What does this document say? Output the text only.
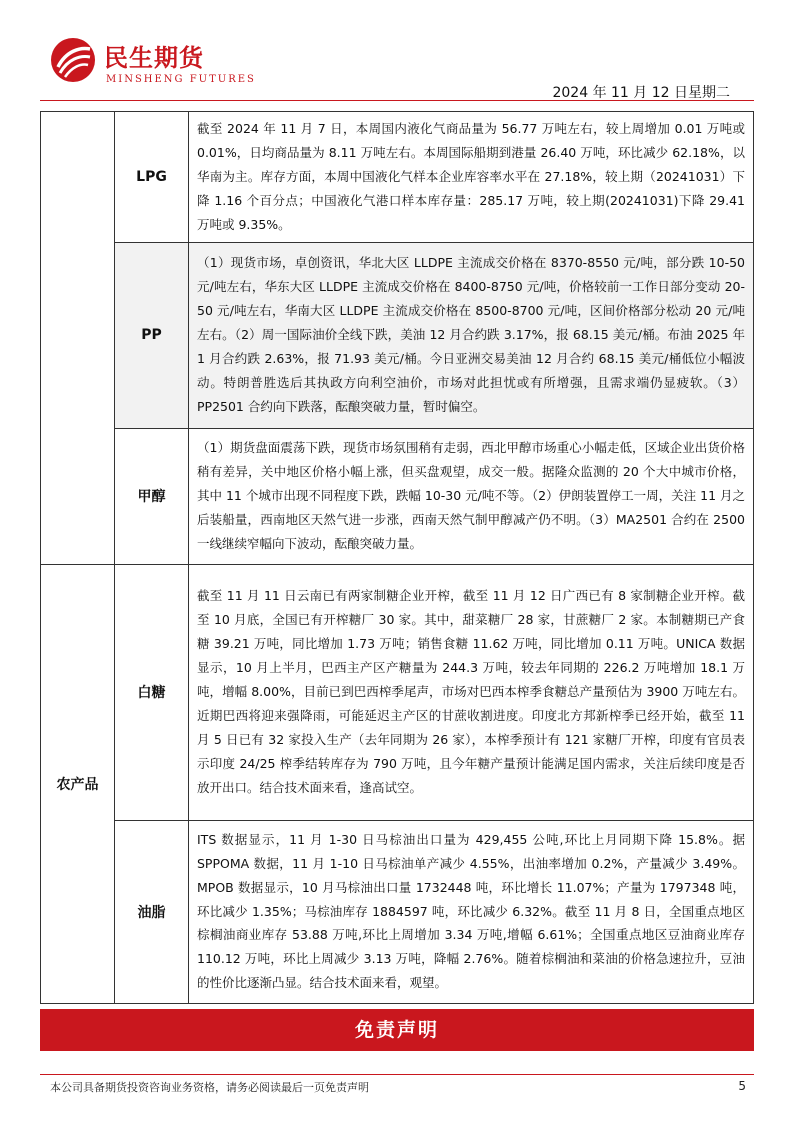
民生期货
MINSHENG FUTURES
2024 年 11 月 12 日星期二
	LPG	截至 2024 年 11 月 7 日，本周国内液化气商品量为 56.77 万吨左右，较上周增加 0.01 万吨或 0.01%，日均商品量为 8.11 万吨左右。本周国际船期到港量 26.40 万吨，环比减少 62.18%，以华南为主。库存方面，本周中国液化气样本企业库容率水平在 27.18%，较上期（20241031）下降 1.16 个百分点；中国液化气港口样本库存量：285.17 万吨，较上期(20241031)下降 29.41 万吨或 9.35%。
	PP	（1）现货市场，卓创资讯，华北大区 LLDPE 主流成交价格在 8370-8550 元/吨，部分跌 10-50 元/吨左右，华东大区 LLDPE 主流成交价格在 8400-8750 元/吨，价格较前一工作日部分变动 20-50 元/吨左右，华南大区 LLDPE 主流成交价格在 8500-8700 元/吨，区间价格部分松动 20 元/吨左右。（2）周一国际油价全线下跌，美油 12 月合约跌 3.17%，报 68.15 美元/桶。布油 2025 年 1 月合约跌 2.63%，报 71.93 美元/桶。今日亚洲交易美油 12 月合约 68.15 美元/桶低位小幅波动。特朗普胜选后其执政方向利空油价，市场对此担忧或有所增强，且需求端仍显疲软。（3）PP2501 合约向下跌落，酝酿突破力量，暂时偏空。
	甲醇	（1）期货盘面震荡下跌，现货市场氛围稍有走弱，西北甲醇市场重心小幅走低，区域企业出货价格稍有差异，关中地区价格小幅上涨，但买盘观望，成交一般。据隆众监测的 20 个大中城市价格，其中 11 个城市出现不同程度下跌，跌幅 10-30 元/吨不等。（2）伊朗装置停工一周，关注 11 月之后装船量，西南地区天然气进一步涨，西南天然气制甲醇减产仍不明。（3）MA2501 合约在 2500 一线继续窄幅向下波动，酝酿突破力量。
农产品	白糖	截至 11 月 11 日云南已有两家制糖企业开榨，截至 11 月 12 日广西已有 8 家制糖企业开榨。截至 10 月底，全国已有开榨糖厂 30 家。其中，甜菜糖厂 28 家，甘蔗糖厂 2 家。本制糖期已产食糖 39.21 万吨，同比增加 1.73 万吨；销售食糖 11.62 万吨，同比增加 0.11 万吨。UNICA 数据显示，10 月上半月，巴西主产区产糖量为 244.3 万吨，较去年同期的 226.2 万吨增加 18.1 万吨，增幅 8.00%，目前已到巴西榨季尾声，市场对巴西本榨季食糖总产量预估为 3900 万吨左右。近期巴西将迎来强降雨，可能延迟主产区的甘蔗收割进度。印度北方邦新榨季已经开始，截至 11 月 5 日已有 32 家投入生产（去年同期为 26 家），本榨季预计有 121 家糖厂开榨，印度有官员表示印度 24/25 榨季结转库存为 790 万吨，且今年糖产量预计能满足国内需求，关注后续印度是否放开出口。结合技术面来看，逢高试空。
	油脂	ITS 数据显示，11 月 1-30 日马棕油出口量为 429,455 公吨,环比上月同期下降 15.8%。据 SPPOMA 数据，11 月 1-10 日马棕油单产减少 4.55%，出油率增加 0.2%，产量减少 3.49%。MPOB 数据显示，10 月马棕油出口量 1732448 吨，环比增长 11.07%；产量为 1797348 吨，环比减少 1.35%；马棕油库存 1884597 吨，环比减少 6.32%。截至 11 月 8 日，全国重点地区棕榈油商业库存 53.88 万吨,环比上周增加 3.34 万吨,增幅 6.61%；全国重点地区豆油商业库存 110.12 万吨，环比上周减少 3.13 万吨，降幅 2.76%。随着棕榈油和菜油的价格急速拉升，豆油的性价比逐渐凸显。结合技术面来看，观望。
免责声明
本公司具备期货投资咨询业务资格，请务必阅读最后一页免责声明	5
